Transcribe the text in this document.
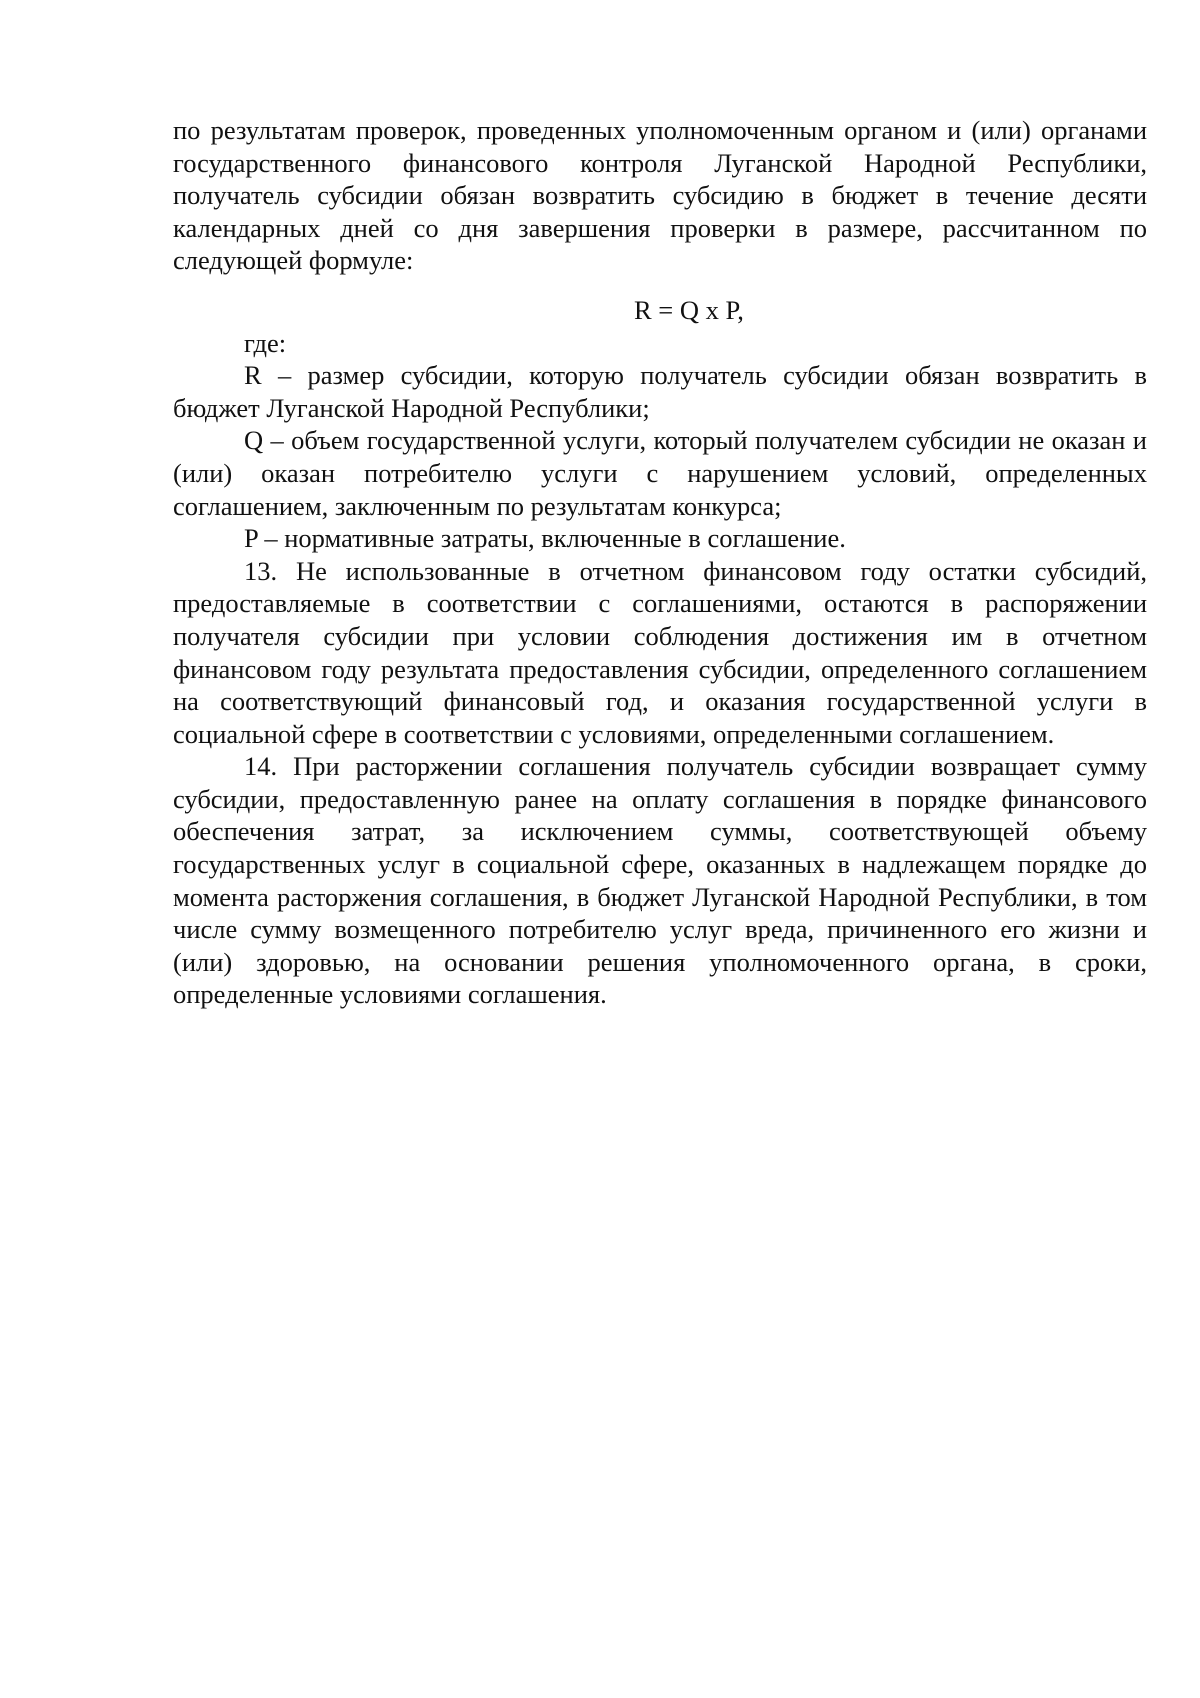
по результатам проверок, проведенных уполномоченным органом и (или) органами государственного финансового контроля Луганской Народной Республики, получатель субсидии обязан возвратить субсидию в бюджет в течение десяти календарных дней со дня завершения проверки в размере, рассчитанном по следующей формуле:

R = Q x P,

где:

R – размер субсидии, которую получатель субсидии обязан возвратить в бюджет Луганской Народной Республики;

Q – объем государственной услуги, который получателем субсидии не оказан и (или) оказан потребителю услуги с нарушением условий, определенных соглашением, заключенным по результатам конкурса;

P – нормативные затраты, включенные в соглашение.

13. Не использованные в отчетном финансовом году остатки субсидий, предоставляемые в соответствии с соглашениями, остаются в распоряжении получателя субсидии при условии соблюдения достижения им в отчетном финансовом году результата предоставления субсидии, определенного соглашением на соответствующий финансовый год, и оказания государственной услуги в социальной сфере в соответствии с условиями, определенными соглашением.

14. При расторжении соглашения получатель субсидии возвращает сумму субсидии, предоставленную ранее на оплату соглашения в порядке финансового обеспечения затрат, за исключением суммы, соответствующей объему государственных услуг в социальной сфере, оказанных в надлежащем порядке до момента расторжения соглашения, в бюджет Луганской Народной Республики, в том числе сумму возмещенного потребителю услуг вреда, причиненного его жизни и (или) здоровью, на основании решения уполномоченного органа, в сроки, определенные условиями соглашения.
